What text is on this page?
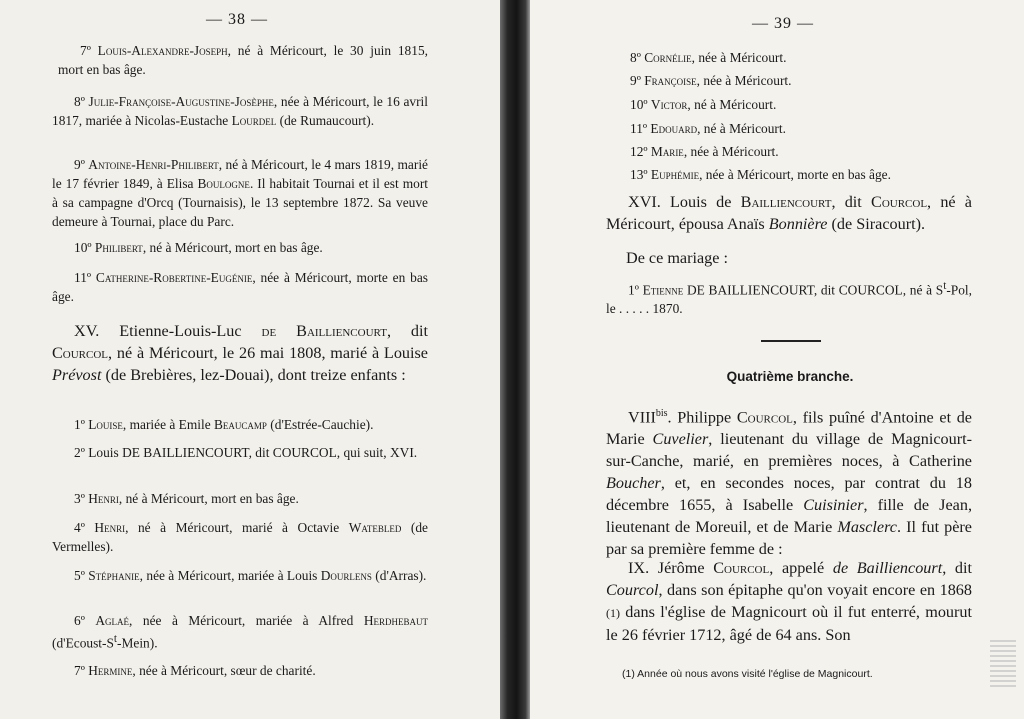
— 38 —
7º Louis-Alexandre-Joseph, né à Méricourt, le 30 juin 1815, mort en bas âge.
8º Julie-Françoise-Augustine-Josèphe, née à Méricourt, le 16 avril 1817, mariée à Nicolas-Eustache Lourdel (de Rumaucourt).
9º Antoine-Henri-Philibert, né à Méricourt, le 4 mars 1819, marié le 17 février 1849, à Elisa Boulogne. Il habitait Tournai et il est mort à sa campagne d'Orcq (Tournaisis), le 13 septembre 1872. Sa veuve demeure à Tournai, place du Parc.
10º Philibert, né à Méricourt, mort en bas âge.
11º Catherine-Robertine-Eugénie, née à Méricourt, morte en bas âge.
XV. Etienne-Louis-Luc de Bailliencourt, dit Courcol, né à Méricourt, le 26 mai 1808, marié à Louise Prévost (de Brebières, lez-Douai), dont treize enfants :
1º Louise, mariée à Emile Beaucamp (d'Estrée-Cauchie).
2º Louis DE BAILLIENCOURT, dit COURCOL, qui suit, XVI.
3º Henri, né à Méricourt, mort en bas âge.
4º Henri, né à Méricourt, marié à Octavie Watebled (de Vermelles).
5º Stéphanie, née à Méricourt, mariée à Louis Dourlens (d'Arras).
6º Aglaé, née à Méricourt, mariée à Alfred Herdhebaut $(d'Ecoust-S^t-Mein)$.
7º Hermine, née à Méricourt, sœur de charité.
— 39 —
8º Cornélie, née à Méricourt.
9º Françoise, née à Méricourt.
10º Victor, né à Méricourt.
11º Edouard, né à Méricourt.
12º Marie, née à Méricourt.
13º Euphémie, née à Méricourt, morte en bas âge.
XVI. Louis de Bailliencourt, dit Courcol, né à Méricourt, épousa Anaïs Bonnière (de Siracourt).
De ce mariage :
1º Etienne DE BAILLIENCOURT, dit COURCOL, né à $S^t$-Pol, le . . . . . 1870.
Quatrième branche.
$VIII^{bis}$. Philippe Courcol, fils puîné d'Antoine et de Marie Cuvelier, lieutenant du village de Magnicourt-sur-Canche, marié, en premières noces, à Catherine Boucher, et, en secondes noces, par contrat du 18 décembre 1655, à Isabelle Cuisinier, fille de Jean, lieutenant de Moreuil, et de Marie Masclerc. Il fut père par sa première femme de :
IX. Jérôme Courcol, appelé de Bailliencourt, dit Courcol, dans son épitaphe qu'on voyait encore en 1868 (1) dans l'église de Magnicourt où il fut enterré, mourut le 26 février 1712, âgé de 64 ans. Son
(1) Année où nous avons visité l'église de Magnicourt.
